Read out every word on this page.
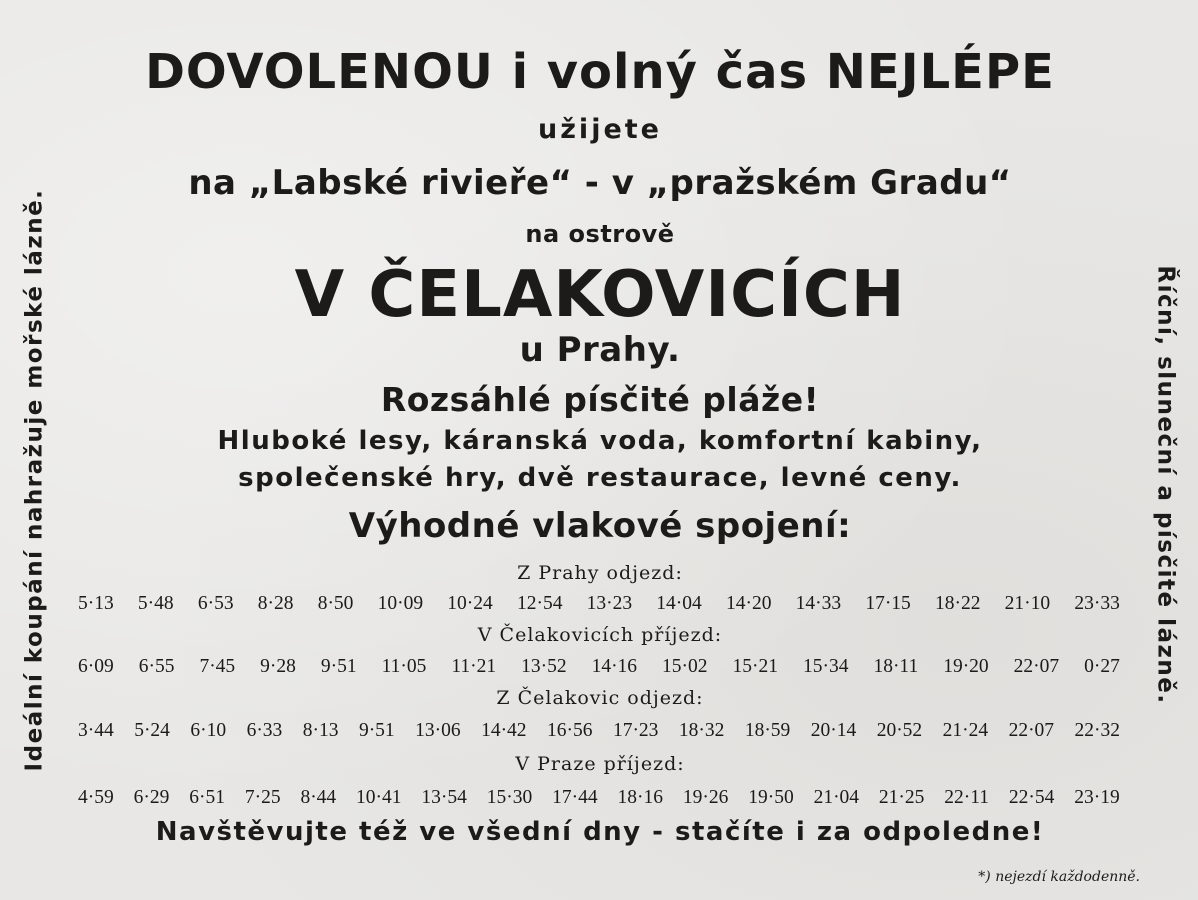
DOVOLENOU i volný čas NEJLÉPE
užijete
na „Labské rivieře“ - v „pražském Gradu“
na ostrově
V ČELAKOVICÍCH
u Prahy.
Rozsáhlé písčité pláže!
Hluboké lesy, káranská voda, komfortní kabiny,
společenské hry, dvě restaurace, levné ceny.
Výhodné vlakové spojení:
Z Prahy odjezd:
5·13 5·48 6·53 8·28 8·50 10·09 10·24 12·54 13·23 14·04 14·20 14·33 17·15 18·22 21·10 23·33
V Čelakovicích příjezd:
6·09 6·55 7·45 9·28 9·51 11·05 11·21 13·52 14·16 15·02 15·21 15·34 18·11 19·20 22·07 0·27
Z Čelakovic odjezd:
3·44 5·24 6·10 6·33 8·13 9·51 13·06 14·42 16·56 17·23 18·32 18·59 20·14 20·52 21·24 22·07 22·32
V Praze příjezd:
4·59 6·29 6·51 7·25 8·44 10·41 13·54 15·30 17·44 18·16 19·26 19·50 21·04 21·25 22·11 22·54 23·19
Navštěvujte též ve všední dny - stačíte i za odpoledne!
*) nejezdí každodenně.
Ideální koupání nahražuje mořské lázně.	Říční, sluneční a písčité lázně.
